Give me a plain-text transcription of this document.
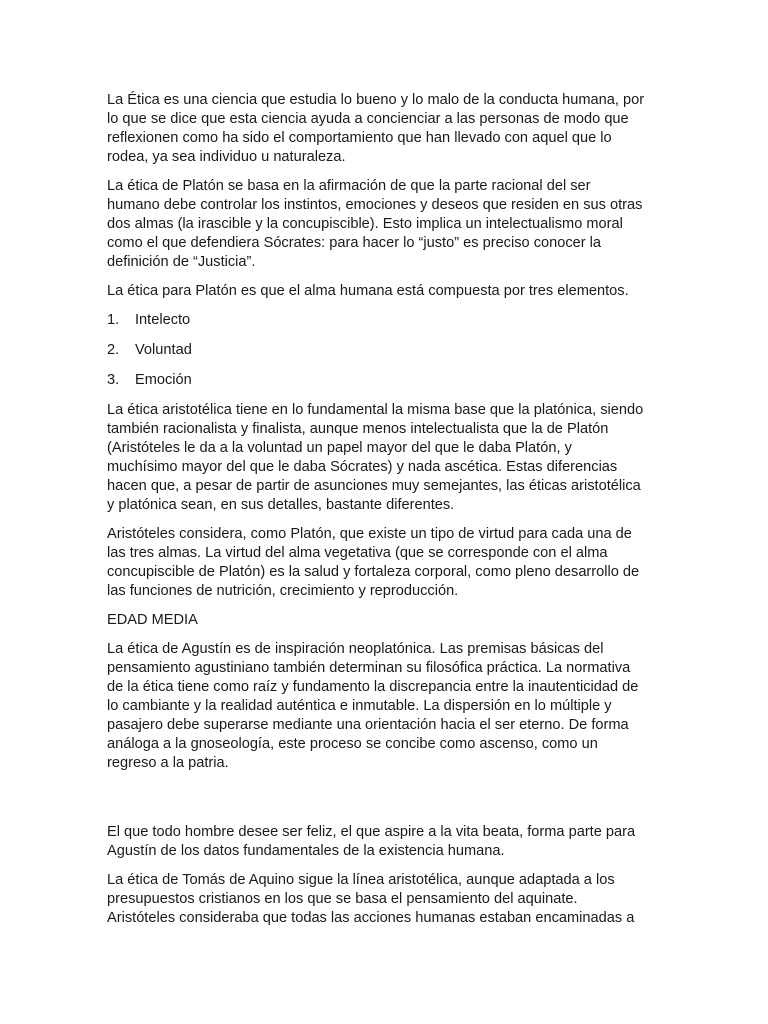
La Ética es una ciencia que estudia lo bueno y lo malo de la conducta humana, por
lo que se dice que esta ciencia ayuda a concienciar a las personas de modo que
reflexionen como ha sido el comportamiento que han llevado con aquel que lo
rodea, ya sea individuo u naturaleza.

La ética de Platón se basa en la afirmación de que la parte racional del ser
humano debe controlar los instintos, emociones y deseos que residen en sus otras
dos almas (la irascible y la concupiscible). Esto implica un intelectualismo moral
como el que defendiera Sócrates: para hacer lo “justo” es preciso conocer la
definición de “Justicia”.

La ética para Platón es que el alma humana está compuesta por tres elementos.

1.	Intelecto
2.	Voluntad
3.	Emoción

La ética aristotélica tiene en lo fundamental la misma base que la platónica, siendo
también racionalista y finalista, aunque menos intelectualista que la de Platón
(Aristóteles le da a la voluntad un papel mayor del que le daba Platón, y
muchísimo mayor del que le daba Sócrates) y nada ascética. Estas diferencias
hacen que, a pesar de partir de asunciones muy semejantes, las éticas aristotélica
y platónica sean, en sus detalles, bastante diferentes.

Aristóteles considera, como Platón, que existe un tipo de virtud para cada una de
las tres almas. La virtud del alma vegetativa (que se corresponde con el alma
concupiscible de Platón) es la salud y fortaleza corporal, como pleno desarrollo de
las funciones de nutrición, crecimiento y reproducción.

EDAD MEDIA

La ética de Agustín es de inspiración neoplatónica. Las premisas básicas del
pensamiento agustiniano también determinan su filosófica práctica. La normativa
de la ética tiene como raíz y fundamento la discrepancia entre la inautenticidad de
lo cambiante y la realidad auténtica e inmutable. La dispersión en lo múltiple y
pasajero debe superarse mediante una orientación hacia el ser eterno. De forma
análoga a la gnoseología, este proceso se concibe como ascenso, como un
regreso a la patria.

El que todo hombre desee ser feliz, el que aspire a la vita beata, forma parte para
Agustín de los datos fundamentales de la existencia humana.

La ética de Tomás de Aquino sigue la línea aristotélica, aunque adaptada a los
presupuestos cristianos en los que se basa el pensamiento del aquinate.
Aristóteles consideraba que todas las acciones humanas estaban encaminadas a
